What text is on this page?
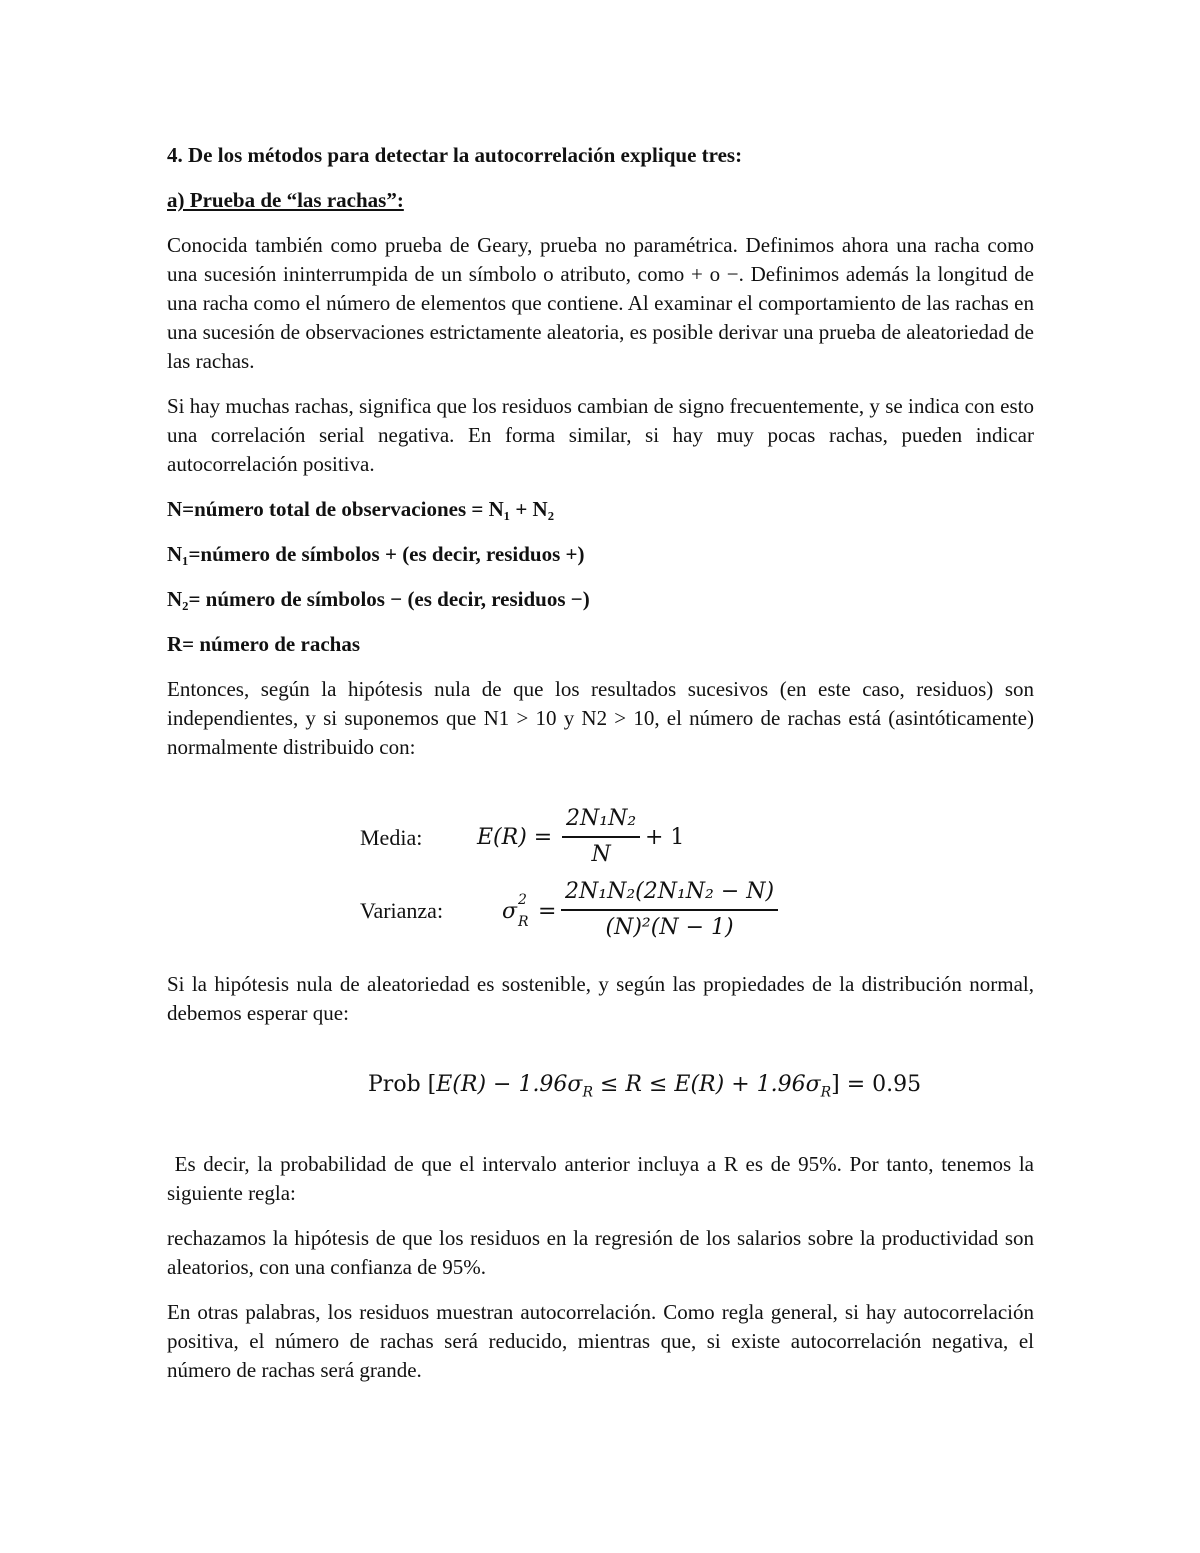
4. De los métodos para detectar la autocorrelación explique tres:

a) Prueba de “las rachas”:

Conocida también como prueba de Geary, prueba no paramétrica. Definimos ahora una racha como una sucesión ininterrumpida de un símbolo o atributo, como + o −. Definimos además la longitud de una racha como el número de elementos que contiene. Al examinar el comportamiento de las rachas en una sucesión de observaciones estrictamente aleatoria, es posible derivar una prueba de aleatoriedad de las rachas.

Si hay muchas rachas, significa que los residuos cambian de signo frecuentemente, y se indica con esto una correlación serial negativa. En forma similar, si hay muy pocas rachas, pueden indicar autocorrelación positiva.

N=número total de observaciones = N₁ + N₂

N₁=número de símbolos + (es decir, residuos +)

N₂= número de símbolos − (es decir, residuos −)

R= número de rachas

Entonces, según la hipótesis nula de que los resultados sucesivos (en este caso, residuos) son independientes, y si suponemos que N1 > 10 y N2 > 10, el número de rachas está (asintóticamente) normalmente distribuido con:

Media: E(R) =
2N₁N₂
N
+ 1
Varianza:	σ 2
R =
2N₁N₂(2N₁N₂ − N)
(N)²(N − 1)

Si la hipótesis nula de aleatoriedad es sostenible, y según las propiedades de la distribución normal, debemos esperar que:

Prob $[E(R) - 1.96\sigma_R \le R \le E(R) + 1.96\sigma_R] = 0.95$

Es decir, la probabilidad de que el intervalo anterior incluya a R es de 95%. Por tanto, tenemos la siguiente regla:

rechazamos la hipótesis de que los residuos en la regresión de los salarios sobre la productividad son aleatorios, con una confianza de 95%.

En otras palabras, los residuos muestran autocorrelación. Como regla general, si hay autocorrelación positiva, el número de rachas será reducido, mientras que, si existe autocorrelación negativa, el número de rachas será grande.
